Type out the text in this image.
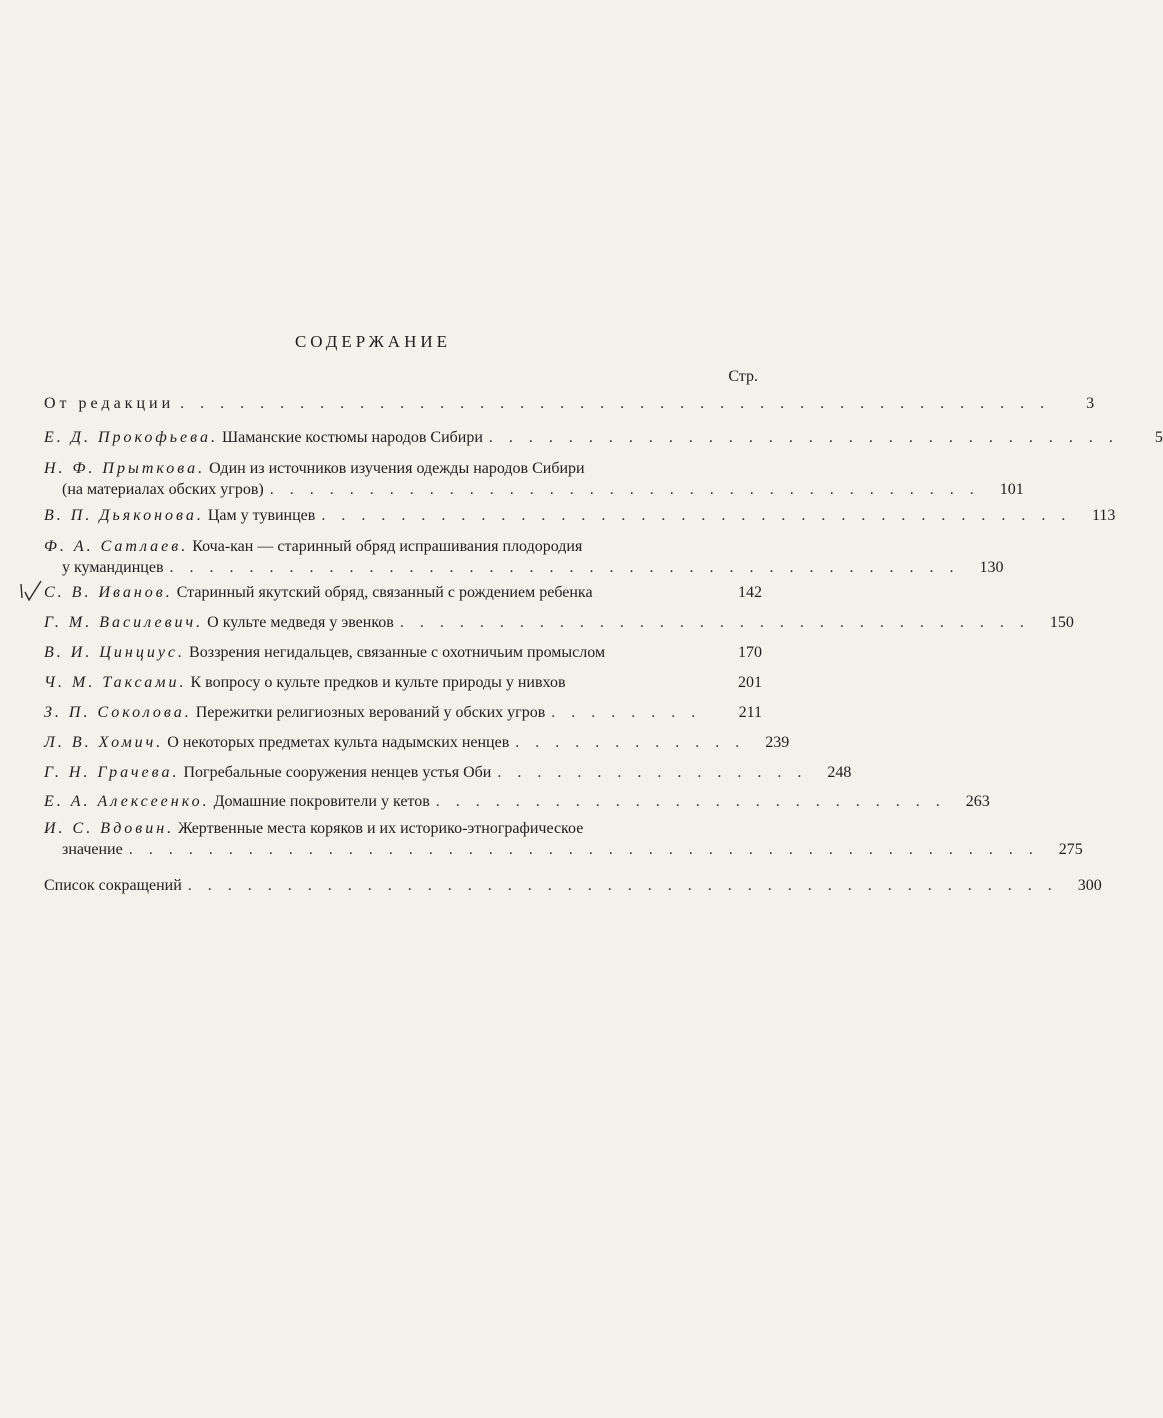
СОДЕРЖАНИЕ
Стр.
От редакции . . . . . . . . . . . . . . . . . . . . . . . . . . . . . . . . . . . . . . . . . . . .	3
Е. Д. Прокофьева. Шаманские костюмы народов Сибири . . . . . . . . . . . . . . . . . . . . . . . . . . . . . . . .	5
Н. Ф. Прыткова. Один из источников изучения одежды народов Сибири
(на материалах обских угров) . . . . . . . . . . . . . . . . . . . . . . . . . . . . . . . . . . . .	101
В. П. Дьяконова. Цам у тувинцев . . . . . . . . . . . . . . . . . . . . . . . . . . . . . . . . . . . . . .	113
Ф. А. Сатлаев. Коча-кан — старинный обряд испрашивания плодородия
у кумандинцев . . . . . . . . . . . . . . . . . . . . . . . . . . . . . . . . . . . . . . . .	130
С. В. Иванов. Старинный якутский обряд, связанный с рождением ребенка	142
Г. М. Василевич. О культе медведя у эвенков . . . . . . . . . . . . . . . . . . . . . . . . . . . . . . . .	150
В. И. Цинциус. Воззрения негидальцев, связанные с охотничьим промыслом	170
Ч. М. Таксами. К вопросу о культе предков и культе природы у нивхов	201
З. П. Соколова. Пережитки религиозных верований у обских угров . . . . . . . .	211
Л. В. Хомич. О некоторых предметах культа надымских ненцев . . . . . . . . . . . .	239
Г. Н. Грачева. Погребальные сооружения ненцев устья Оби . . . . . . . . . . . . . . . .	248
Е. А. Алексеенко. Домашние покровители у кетов . . . . . . . . . . . . . . . . . . . . . . . . . .	263
И. С. Вдовин. Жертвенные места коряков и их историко-этнографическое
значение . . . . . . . . . . . . . . . . . . . . . . . . . . . . . . . . . . . . . . . . . . . . . .	275
Список сокращений . . . . . . . . . . . . . . . . . . . . . . . . . . . . . . . . . . . . . . . . . . . .	300
